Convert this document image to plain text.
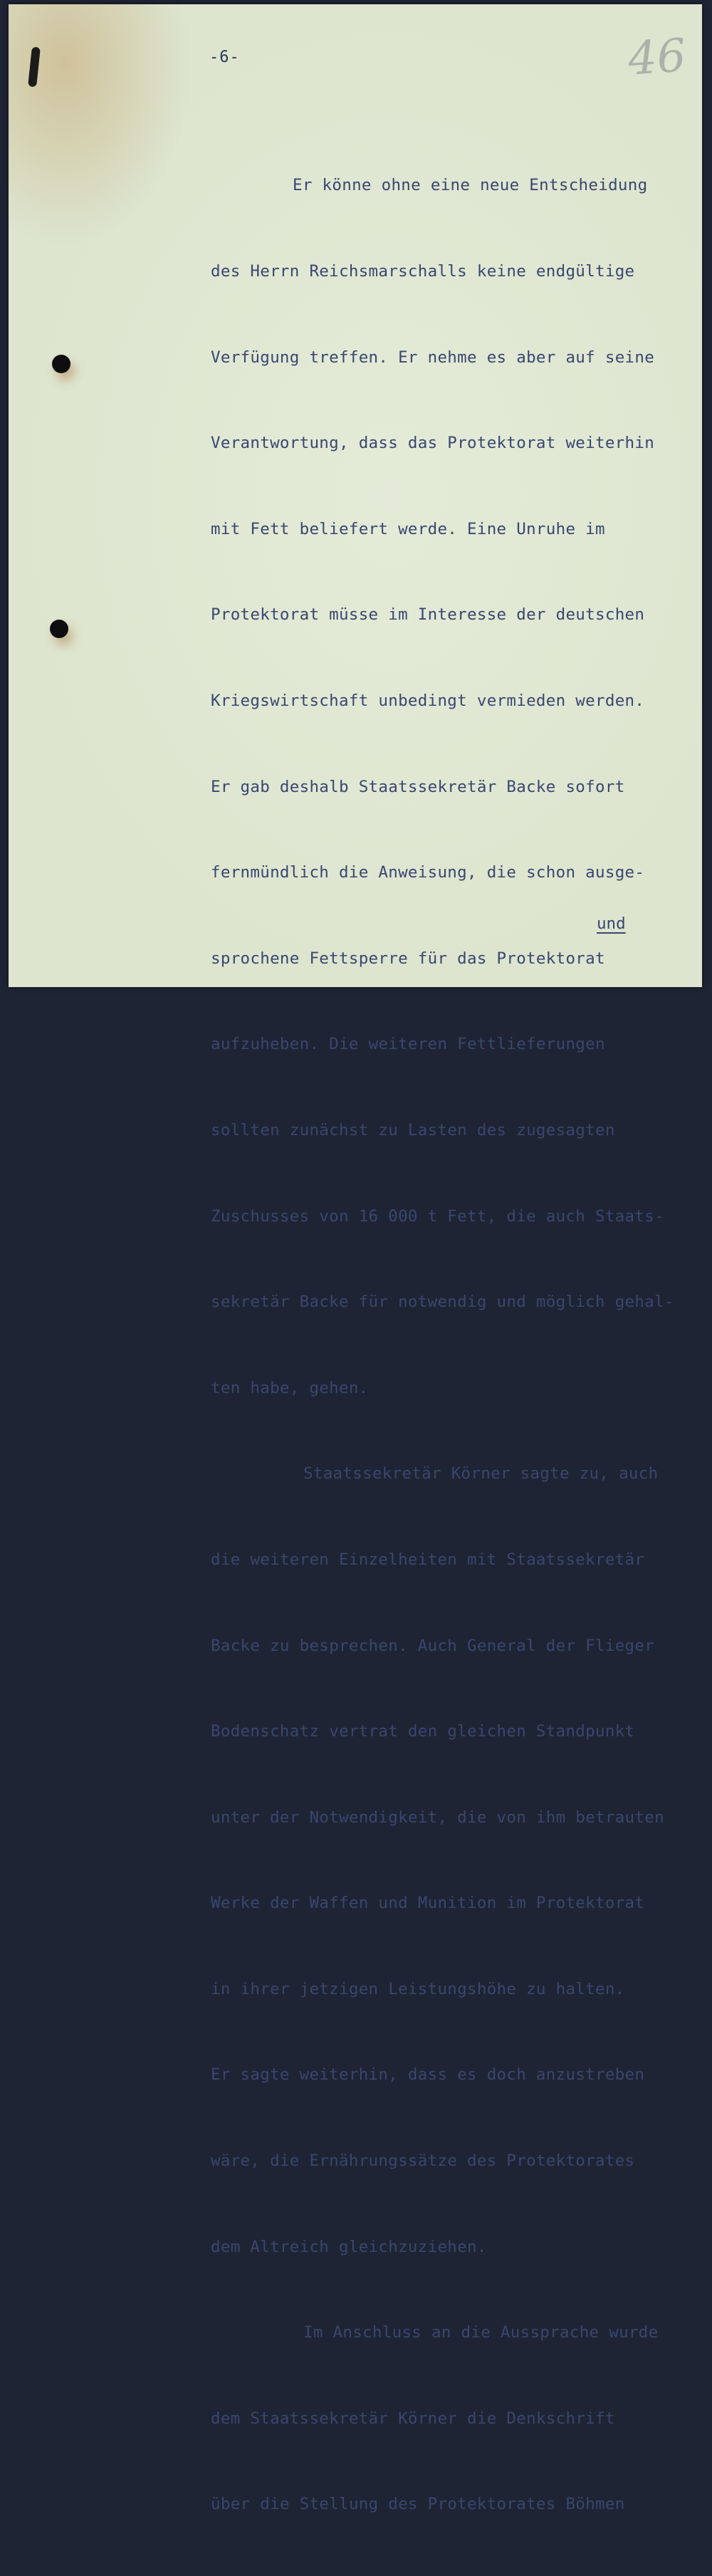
46
-6-

Er könne ohne eine neue Entscheidung

des Herrn Reichsmarschalls keine endgültige

Verfügung treffen. Er nehme es aber auf seine

Verantwortung, dass das Protektorat weiterhin

mit Fett beliefert werde. Eine Unruhe im

Protektorat müsse im Interesse der deutschen

Kriegswirtschaft unbedingt vermieden werden.

Er gab deshalb Staatssekretär Backe sofort

fernmündlich die Anweisung, die schon ausge-

sprochene Fettsperre für das Protektorat

aufzuheben. Die weiteren Fettlieferungen

sollten zunächst zu Lasten des zugesagten

Zuschusses von 16 000 t Fett, die auch Staats-

sekretär Backe für notwendig und möglich gehal-

ten habe, gehen.

Staatssekretär Körner sagte zu, auch

die weiteren Einzelheiten mit Staatssekretär

Backe zu besprechen. Auch General der Flieger

Bodenschatz vertrat den gleichen Standpunkt

unter der Notwendigkeit, die von ihm betrauten

Werke der Waffen und Munition im Protektorat

in ihrer jetzigen Leistungshöhe zu halten.

Er sagte weiterhin, dass es doch anzustreben

wäre, die Ernährungssätze des Protektorates

dem Altreich gleichzuziehen.

Im Anschluss an die Aussprache wurde

dem Staatssekretär Körner die Denkschrift

über die Stellung des Protektorates Böhmen

und
